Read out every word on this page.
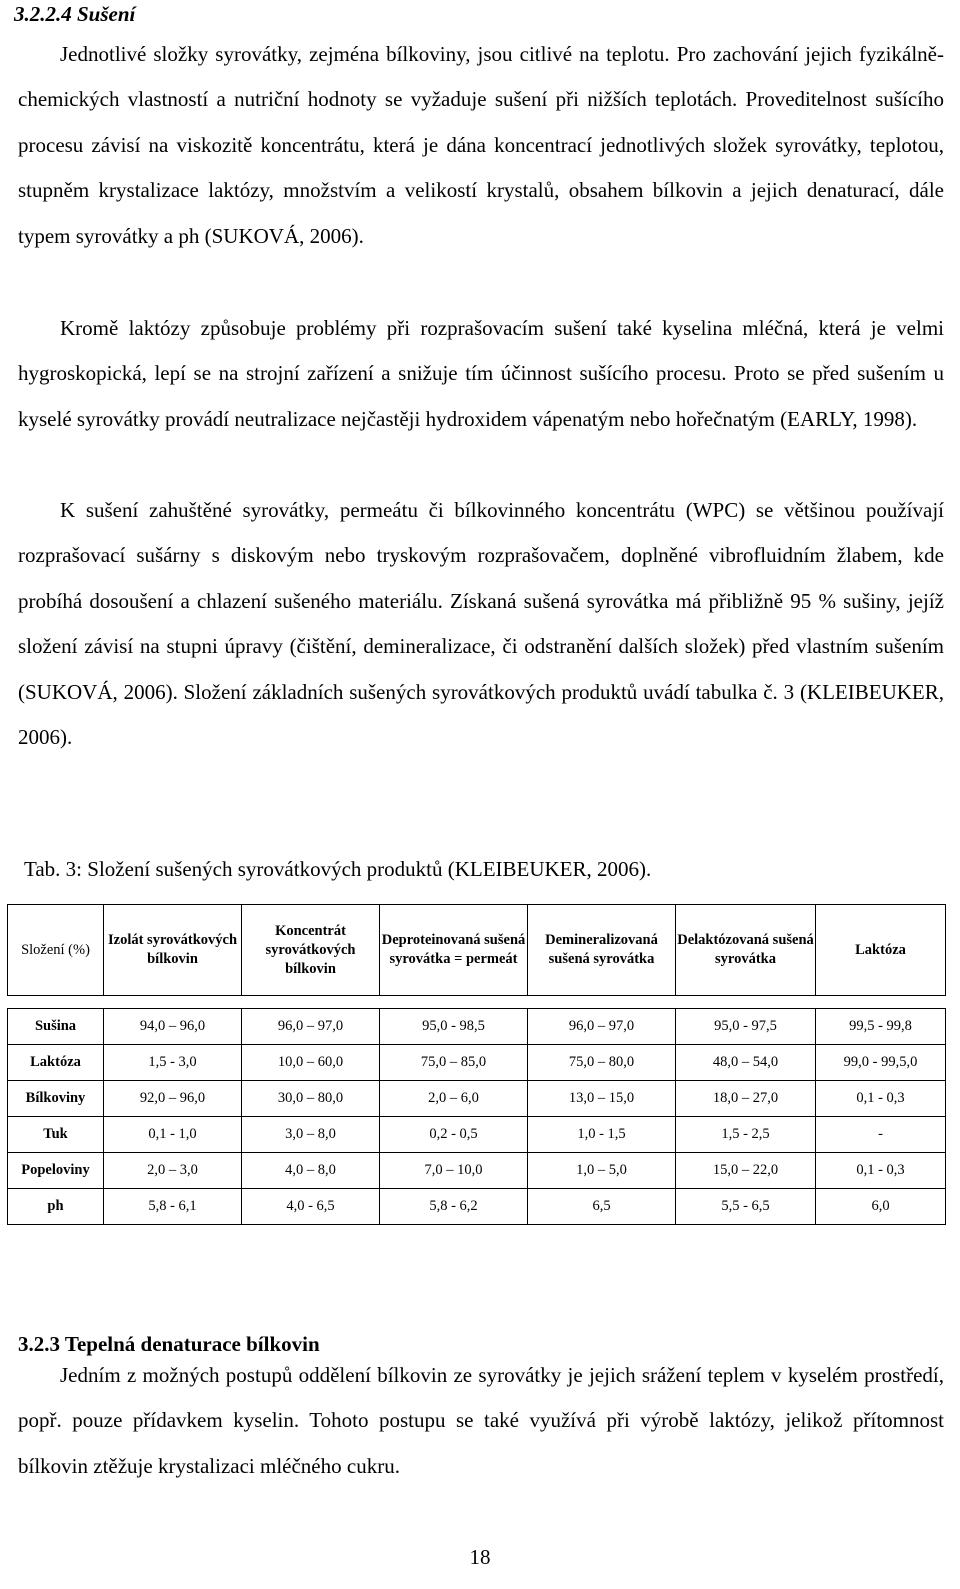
3.2.2.4 Sušení

Jednotlivé složky syrovátky, zejména bílkoviny, jsou citlivé na teplotu. Pro zachování jejich fyzikálně-chemických vlastností a nutriční hodnoty se vyžaduje sušení při nižších teplotách. Proveditelnost sušícího procesu závisí na viskozitě koncentrátu, která je dána koncentrací jednotlivých složek syrovátky, teplotou, stupněm krystalizace laktózy, množstvím a velikostí krystalů, obsahem bílkovin a jejich denaturací, dále typem syrovátky a ph (SUKOVÁ, 2006).

Kromě laktózy způsobuje problémy při rozprašovacím sušení také kyselina mléčná, která je velmi hygroskopická, lepí se na strojní zařízení a snižuje tím účinnost sušícího procesu. Proto se před sušením u kyselé syrovátky provádí neutralizace nejčastěji hydroxidem vápenatým nebo hořečnatým (EARLY, 1998).

K sušení zahuštěné syrovátky, permeátu či bílkovinného koncentrátu (WPC) se většinou používají rozprašovací sušárny s diskovým nebo tryskovým rozprašovačem, doplněné vibrofluidním žlabem, kde probíhá dosoušení a chlazení sušeného materiálu. Získaná sušená syrovátka má přibližně 95 % sušiny, jejíž složení závisí na stupni úpravy (čištění, demineralizace, či odstranění dalších složek) před vlastním sušením (SUKOVÁ, 2006). Složení základních sušených syrovátkových produktů uvádí tabulka č. 3 (KLEIBEUKER, 2006).

Tab. 3: Složení sušených syrovátkových produktů (KLEIBEUKER, 2006).
Složení (%)	Izolát syrovátkových bílkovin	Koncentrát syrovátkových bílkovin	Deproteinovaná sušená syrovátka = permeát	Demineralizovaná sušená syrovátka	Delaktózovaná sušená syrovátka	Laktóza

Sušina	94,0 – 96,0	96,0 – 97,0	95,0 - 98,5	96,0 – 97,0	95,0 - 97,5	99,5 - 99,8
Laktóza	1,5 - 3,0	10,0 – 60,0	75,0 – 85,0	75,0 – 80,0	48,0 – 54,0	99,0 - 99,5,0
Bílkoviny	92,0 – 96,0	30,0 – 80,0	2,0 – 6,0	13,0 – 15,0	18,0 – 27,0	0,1 - 0,3
Tuk	0,1 - 1,0	3,0 – 8,0	0,2 - 0,5	1,0 - 1,5	1,5 - 2,5	-
Popeloviny	2,0 – 3,0	4,0 – 8,0	7,0 – 10,0	1,0 – 5,0	15,0 – 22,0	0,1 - 0,3
ph	5,8 - 6,1	4,0 - 6,5	5,8 - 6,2	6,5	5,5 - 6,5	6,0
3.2.3 Tepelná denaturace bílkovin

Jedním z možných postupů oddělení bílkovin ze syrovátky je jejich srážení teplem v kyselém prostředí, popř. pouze přídavkem kyselin. Tohoto postupu se také využívá při výrobě laktózy, jelikož přítomnost bílkovin ztěžuje krystalizaci mléčného cukru.

18
